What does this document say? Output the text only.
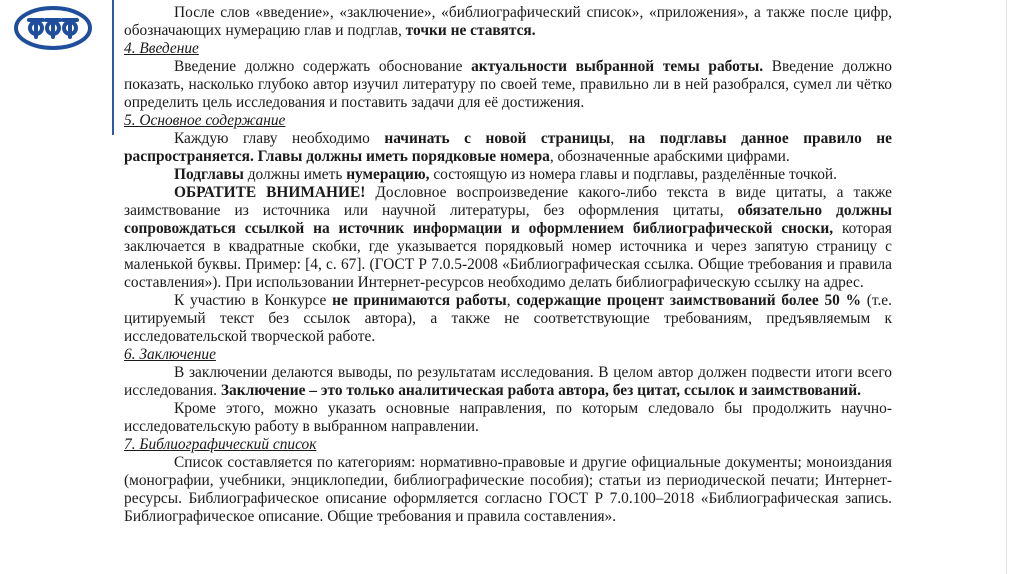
После слов «введение», «заключение», «библиографический список», «приложения», а также после цифр, обозначающих нумерацию глав и подглав, точки не ставятся.

4. Введение

Введение должно содержать обоснование актуальности выбранной темы работы. Введение должно показать, насколько глубоко автор изучил литературу по своей теме, правильно ли в ней разобрался, сумел ли чётко определить цель исследования и поставить задачи для её достижения.

5. Основное содержание

Каждую главу необходимо начинать с новой страницы, на подглавы данное правило не распространяется. Главы должны иметь порядковые номера, обозначенные арабскими цифрами.

Подглавы должны иметь нумерацию, состоящую из номера главы и подглавы, разделённые точкой.

ОБРАТИТЕ ВНИМАНИЕ! Дословное воспроизведение какого-либо текста в виде цитаты, а также заимствование из источника или научной литературы, без оформления цитаты, обязательно должны сопровождаться ссылкой на источник информации и оформлением библиографической сноски, которая заключается в квадратные скобки, где указывается порядковый номер источника и через запятую страницу с маленькой буквы. Пример: [4, с. 67]. (ГОСТ Р 7.0.5-2008 «Библиографическая ссылка. Общие требования и правила составления»). При использовании Интернет-ресурсов необходимо делать библиографическую ссылку на адрес.

К участию в Конкурсе не принимаются работы, содержащие процент заимствований более 50 % (т.е. цитируемый текст без ссылок автора), а также не соответствующие требованиям, предъявляемым к исследовательской творческой работе.

6. Заключение

В заключении делаются выводы, по результатам исследования. В целом автор должен подвести итоги всего исследования. Заключение – это только аналитическая работа автора, без цитат, ссылок и заимствований.

Кроме этого, можно указать основные направления, по которым следовало бы продолжить научно-исследовательскую работу в выбранном направлении.

7. Библиографический список

Список составляется по категориям: нормативно-правовые и другие официальные документы; моноиздания (монографии, учебники, энциклопедии, библиографические пособия); статьи из периодической печати; Интернет-ресурсы. Библиографическое описание оформляется согласно ГОСТ Р 7.0.100–2018 «Библиографическая запись. Библиографическое описание. Общие требования и правила составления».
